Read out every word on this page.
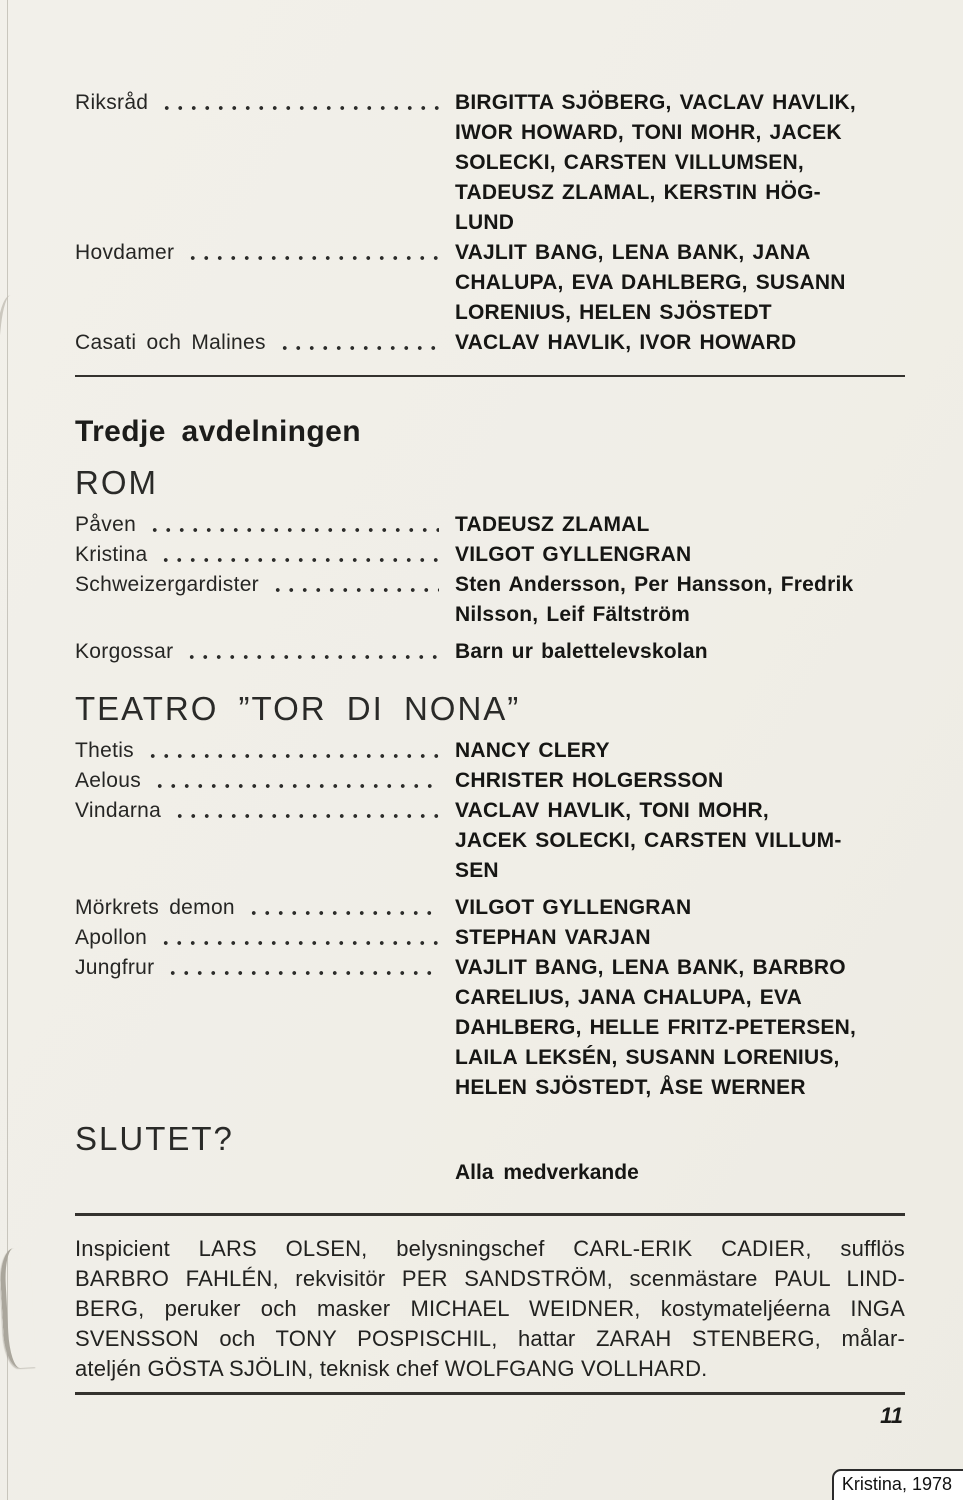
Riksråd	BIRGITTA SJÖBERG, VACLAV HAVLIK,
IWOR HOWARD, TONI MOHR, JACEK
SOLECKI, CARSTEN VILLUMSEN,
TADEUSZ ZLAMAL, KERSTIN HÖG-
LUND
Hovdamer	VAJLIT BANG, LENA BANK, JANA
CHALUPA, EVA DAHLBERG, SUSANN
LORENIUS, HELEN SJÖSTEDT
Casati och Malines	VACLAV HAVLIK, IVOR HOWARD
Tredje avdelningen
ROM
Påven	TADEUSZ ZLAMAL
Kristina	VILGOT GYLLENGRAN
Schweizergardister	Sten Andersson, Per Hansson, Fredrik
Nilsson, Leif Fältström
Korgossar	Barn ur balettelevskolan
TEATRO ”TOR DI NONA”
Thetis	NANCY CLERY
Aelous	CHRISTER HOLGERSSON
Vindarna	VACLAV HAVLIK, TONI MOHR,
JACEK SOLECKI, CARSTEN VILLUM-
SEN
Mörkrets demon	VILGOT GYLLENGRAN
Apollon	STEPHAN VARJAN
Jungfrur	VAJLIT BANG, LENA BANK, BARBRO
CARELIUS, JANA CHALUPA, EVA
DAHLBERG, HELLE FRITZ-PETERSEN,
LAILA LEKSÉN, SUSANN LORENIUS,
HELEN SJÖSTEDT, ÅSE WERNER
SLUTET?
Alla medverkande
Inspicient LARS OLSEN, belysningschef CARL-ERIK CADIER, sufflös
BARBRO FAHLÉN, rekvisitör PER SANDSTRÖM, scenmästare PAUL LIND-
BERG, peruker och masker MICHAEL WEIDNER, kostymateljéerna INGA
SVENSSON och TONY POSPISCHIL, hattar ZARAH STENBERG, målar-
ateljén GÖSTA SJÖLIN, teknisk chef WOLFGANG VOLLHARD.
11
Kristina, 1978
